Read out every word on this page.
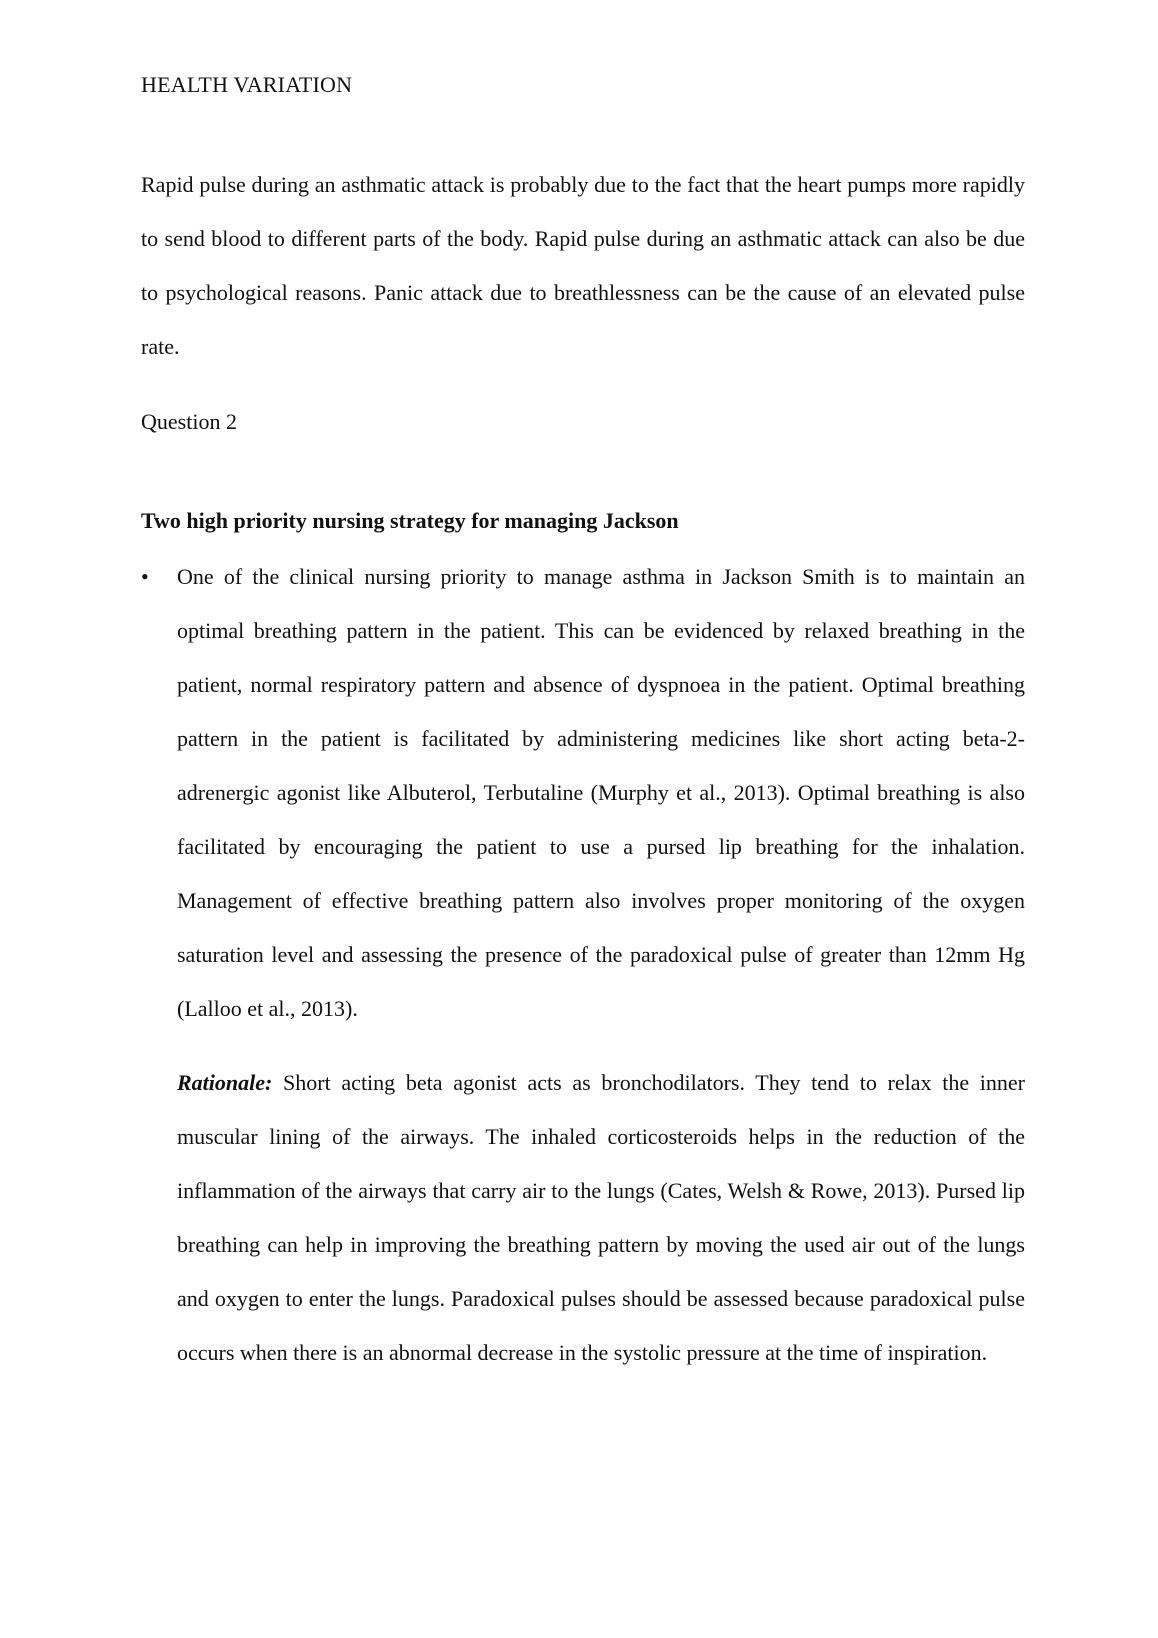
HEALTH VARIATION

Rapid pulse during an asthmatic attack is probably due to the fact that the heart pumps more rapidly to send blood to different parts of the body. Rapid pulse during an asthmatic attack can also be due to psychological reasons. Panic attack due to breathlessness can be the cause of an elevated pulse rate.

Question 2
Two high priority nursing strategy for managing Jackson
•	One of the clinical nursing priority to manage asthma in Jackson Smith is to maintain an optimal breathing pattern in the patient. This can be evidenced by relaxed breathing in the patient, normal respiratory pattern and absence of dyspnoea in the patient. Optimal breathing pattern in the patient is facilitated by administering medicines like short acting beta-2-adrenergic agonist like Albuterol, Terbutaline (Murphy et al., 2013). Optimal breathing is also facilitated by encouraging the patient to use a pursed lip breathing for the inhalation. Management of effective breathing pattern also involves proper monitoring of the oxygen saturation level and assessing the presence of the paradoxical pulse of greater than 12mm Hg (Lalloo et al., 2013).

Rationale: Short acting beta agonist acts as bronchodilators. They tend to relax the inner muscular lining of the airways. The inhaled corticosteroids helps in the reduction of the inflammation of the airways that carry air to the lungs (Cates, Welsh & Rowe, 2013). Pursed lip breathing can help in improving the breathing pattern by moving the used air out of the lungs and oxygen to enter the lungs. Paradoxical pulses should be assessed because paradoxical pulse occurs when there is an abnormal decrease in the systolic pressure at the time of inspiration.
